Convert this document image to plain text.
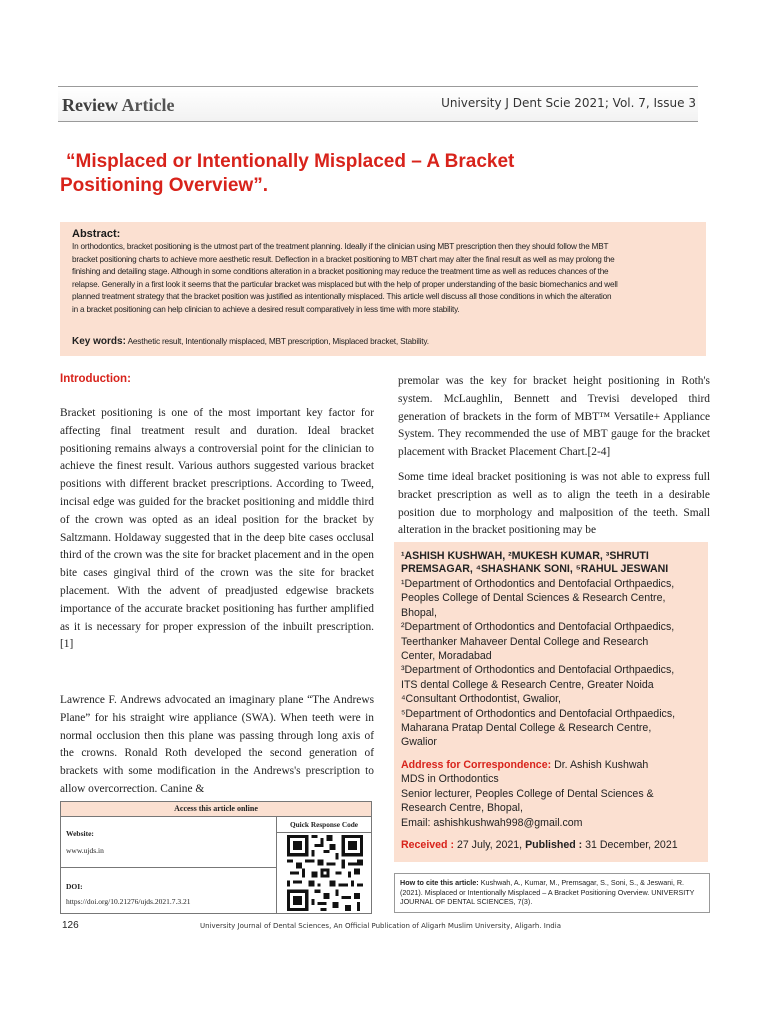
Review Article	University J Dent Scie 2021; Vol. 7, Issue 3
“Misplaced or Intentionally Misplaced – A Bracket
Positioning Overview”.
Abstract:
In orthodontics, bracket positioning is the utmost part of the treatment planning. Ideally if the clinician using MBT prescription then they should follow the MBT
bracket positioning charts to achieve more aesthetic result. Deflection in a bracket positioning to MBT chart may alter the final result as well as may prolong the
finishing and detailing stage. Although in some conditions alteration in a bracket positioning may reduce the treatment time as well as reduces chances of the
relapse. Generally in a first look it seems that the particular bracket was misplaced but with the help of proper understanding of the basic biomechanics and well
planned treatment strategy that the bracket position was justified as intentionally misplaced. This article well discuss all those conditions in which the alteration
in a bracket positioning can help clinician to achieve a desired result comparatively in less time with more stability.
Key words: Aesthetic result, Intentionally misplaced, MBT prescription, Misplaced bracket, Stability.
Introduction:
Bracket positioning is one of the most important key factor for affecting final treatment result and duration. Ideal bracket positioning remains always a controversial point for the clinician to achieve the finest result. Various authors suggested various bracket positions with different bracket prescriptions. According to Tweed, incisal edge was guided for the bracket positioning and middle third of the crown was opted as an ideal position for the bracket by Saltzmann. Holdaway suggested that in the deep bite cases occlusal third of the crown was the site for bracket placement and in the open bite cases gingival third of the crown was the site for bracket placement. With the advent of preadjusted edgewise brackets importance of the accurate bracket positioning has further amplified as it is necessary for proper expression of the inbuilt prescription. [1]
Lawrence F. Andrews advocated an imaginary plane “The Andrews Plane” for his straight wire appliance (SWA). When teeth were in normal occlusion then this plane was passing through long axis of the crowns. Ronald Roth developed the second generation of brackets with some modification in the Andrews's prescription to allow overcorrection. Canine &
premolar was the key for bracket height positioning in Roth's system. McLaughlin, Bennett and Trevisi developed third generation of brackets in the form of MBT™ Versatile+ Appliance System. They recommended the use of MBT gauge for the bracket placement with Bracket Placement Chart.[2-4]
Some time ideal bracket positioning is was not able to express full bracket prescription as well as to align the teeth in a desirable position due to morphology and malposition of the teeth. Small alteration in the bracket positioning may be
¹ASHISH KUSHWAH, ²MUKESH KUMAR, ³SHRUTI
PREMSAGAR, ⁴SHASHANK SONI, ⁵RAHUL JESWANI
¹Department of Orthodontics and Dentofacial Orthpaedics,
Peoples College of Dental Sciences & Research Centre,
Bhopal,
²Department of Orthodontics and Dentofacial Orthpaedics,
Teerthanker Mahaveer Dental College and Research
Center, Moradabad
³Department of Orthodontics and Dentofacial Orthpaedics,
ITS dental College & Research Centre, Greater Noida
⁴Consultant Orthodontist, Gwalior,
⁵Department of Orthodontics and Dentofacial Orthpaedics,
Maharana Pratap Dental College & Research Centre,
Gwalior
Address for Correspondence: Dr. Ashish Kushwah
MDS in Orthodontics
Senior lecturer, Peoples College of Dental Sciences &
Research Centre, Bhopal,
Email: ashishkushwah998@gmail.com
Received : 27 July, 2021, Published : 31 December, 2021
How to cite this article: Kushwah, A., Kumar, M., Premsagar, S., Soni, S., & Jeswani, R. (2021). Misplaced or Intentionally Misplaced – A Bracket Positioning Overview. UNIVERSITY JOURNAL OF DENTAL SCIENCES, 7(3).
Access this article online
Website:
www.ujds.in
DOI:
https://doi.org/10.21276/ujds.2021.7.3.21
Quick Response Code
126	University Journal of Dental Sciences, An Official Publication of Aligarh Muslim University, Aligarh. India
